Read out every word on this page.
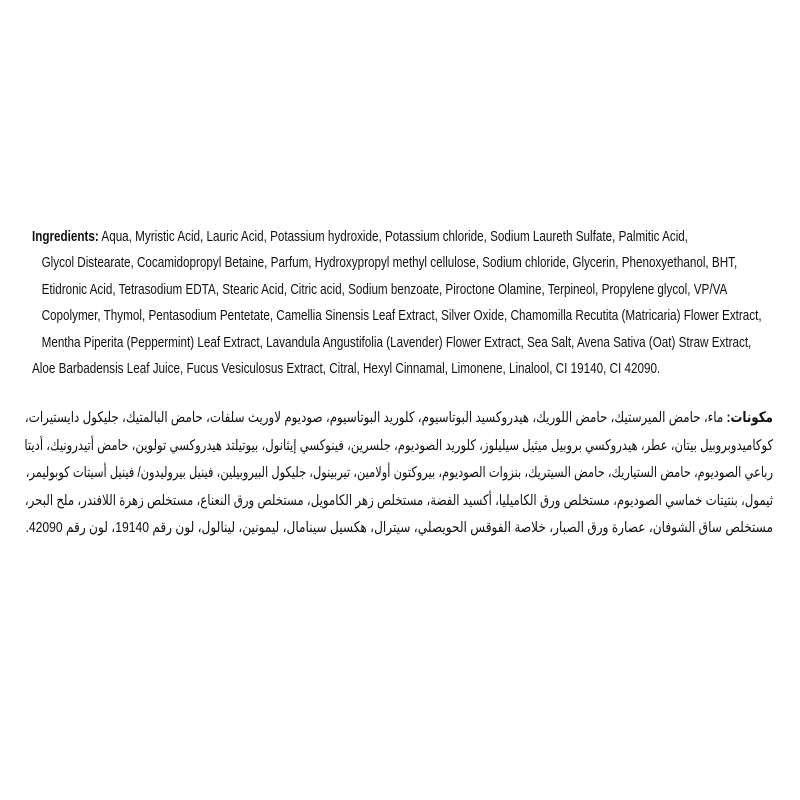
Ingredients: Aqua, Myristic Acid, Lauric Acid, Potassium hydroxide, Potassium chloride, Sodium Laureth Sulfate, Palmitic Acid,
Glycol Distearate, Cocamidopropyl Betaine, Parfum, Hydroxypropyl methyl cellulose, Sodium chloride, Glycerin, Phenoxyethanol, BHT,
Etidronic Acid, Tetrasodium EDTA, Stearic Acid, Citric acid, Sodium benzoate, Piroctone Olamine, Terpineol, Propylene glycol, VP/VA
Copolymer, Thymol, Pentasodium Pentetate, Camellia Sinensis Leaf Extract, Silver Oxide, Chamomilla Recutita (Matricaria) Flower Extract,
Mentha Piperita (Peppermint) Leaf Extract, Lavandula Angustifolia (Lavender) Flower Extract, Sea Salt, Avena Sativa (Oat) Straw Extract,
Aloe Barbadensis Leaf Juice, Fucus Vesiculosus Extract, Citral, Hexyl Cinnamal, Limonene, Linalool, CI 19140, CI 42090.
مكونات: ماء، حامض الميرستيك، حامض اللوريك، هيدروكسيد البوتاسيوم، كلوريد البوتاسيوم، صوديوم لاوريث سلفات، حامض البالمتيك، جليكول دايستيرات،
كوكاميدوبروبيل بيتان، عطر، هيدروكسي بروبيل ميثيل سيليلوز، كلوريد الصوديوم، جلسرين، فينوكسي إيثانول، بيوتيلتد هيدروكسي تولوين، حامض أتيدرونيك، أديتا
رباعي الصوديوم، حامض الستياريك، حامض السيتريك، بنزوات الصوديوم، بيروكتون أولامين، تيربينول، جليكول البيروبيلين، فينيل بيروليدون/ فينيل أسيتات كوبوليمر،
ثيمول، بنتيتات خماسي الصوديوم، مستخلص ورق الكاميليا، أكسيد الفضة، مستخلص زهر الكامويل، مستخلص ورق النعناع، مستخلص زهرة اللافندر، ملح البحر،
مستخلص ساق الشوفان، عصارة ورق الصبار، خلاصة الفوقس الحويصلي، سيترال، هكسيل سينامال، ليمونين، لينالول، لون رقم 19140، لون رقم 42090.
